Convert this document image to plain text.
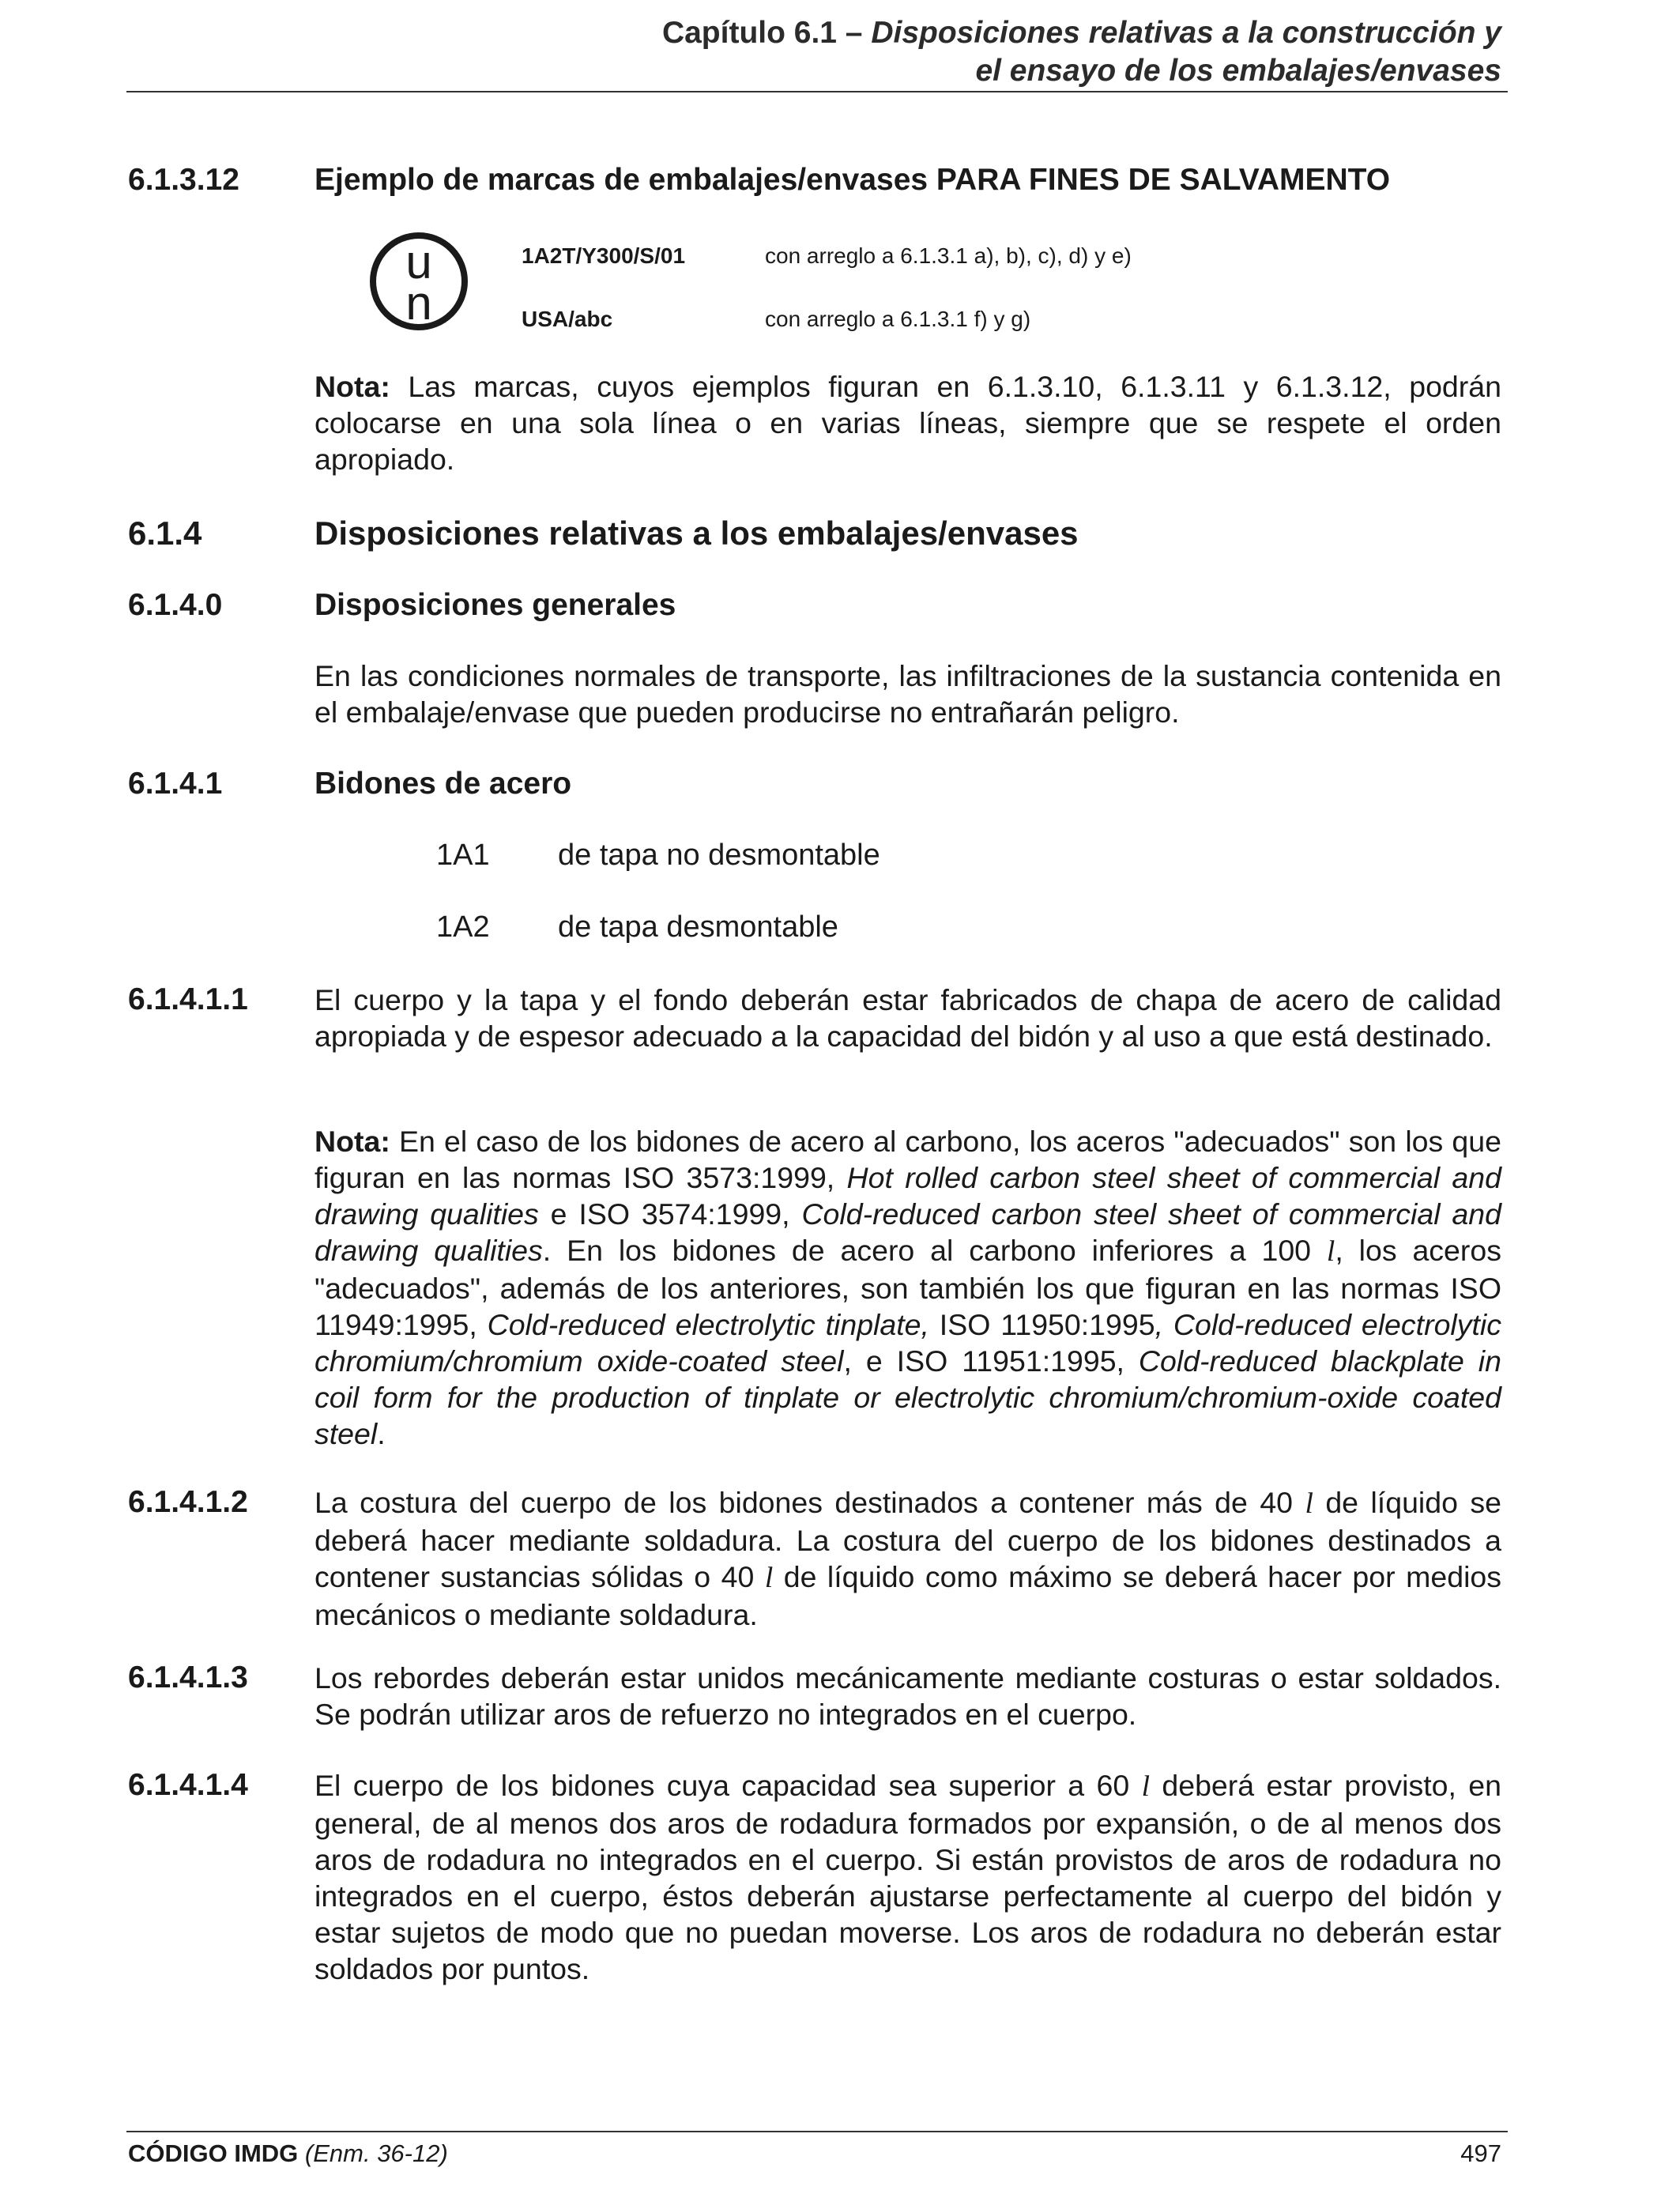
Capítulo 6.1 – Disposiciones relativas a la construcción y
el ensayo de los embalajes/envases
6.1.3.12 Ejemplo de marcas de embalajes/envases PARA FINES DE SALVAMENTO
u
n
1A2T/Y300/S/01	con arreglo a 6.1.3.1 a), b), c), d) y e)
USA/abc	con arreglo a 6.1.3.1 f) y g)
Nota: Las marcas, cuyos ejemplos figuran en 6.1.3.10, 6.1.3.11 y 6.1.3.12, podrán colocarse en una sola línea o en varias líneas, siempre que se respete el orden apropiado.
6.1.4	Disposiciones relativas a los embalajes/envases
6.1.4.0	Disposiciones generales
En las condiciones normales de transporte, las infiltraciones de la sustancia contenida en el embalaje/envase que pueden producirse no entrañarán peligro.
6.1.4.1	Bidones de acero
1A1 de tapa no desmontable
1A2 de tapa desmontable
6.1.4.1.1 El cuerpo y la tapa y el fondo deberán estar fabricados de chapa de acero de calidad apropiada y de espesor adecuado a la capacidad del bidón y al uso a que está destinado.
Nota: En el caso de los bidones de acero al carbono, los aceros "adecuados" son los que figuran en las normas ISO 3573:1999, Hot rolled carbon steel sheet of commercial and drawing qualities e ISO 3574:1999, Cold-reduced carbon steel sheet of commercial and drawing qualities. En los bidones de acero al carbono inferiores a 100 l, los aceros "adecuados", además de los anteriores, son también los que figuran en las normas ISO 11949:1995, Cold-reduced electrolytic tinplate, ISO 11950:1995, Cold-reduced electrolytic chromium/chromium oxide-coated steel, e ISO 11951:1995, Cold-reduced blackplate in coil form for the production of tinplate or electrolytic chromium/chromium-oxide coated steel.
6.1.4.1.2 La costura del cuerpo de los bidones destinados a contener más de 40 l de líquido se deberá hacer mediante soldadura. La costura del cuerpo de los bidones destinados a contener sustancias sólidas o 40 l de líquido como máximo se deberá hacer por medios mecánicos o mediante soldadura.
6.1.4.1.3 Los rebordes deberán estar unidos mecánicamente mediante costuras o estar soldados. Se podrán utilizar aros de refuerzo no integrados en el cuerpo.
6.1.4.1.4 El cuerpo de los bidones cuya capacidad sea superior a 60 l deberá estar provisto, en general, de al menos dos aros de rodadura formados por expansión, o de al menos dos aros de rodadura no integrados en el cuerpo. Si están provistos de aros de rodadura no integrados en el cuerpo, éstos deberán ajustarse perfectamente al cuerpo del bidón y estar sujetos de modo que no puedan moverse. Los aros de rodadura no deberán estar soldados por puntos.
CÓDIGO IMDG (Enm. 36-12)	497
